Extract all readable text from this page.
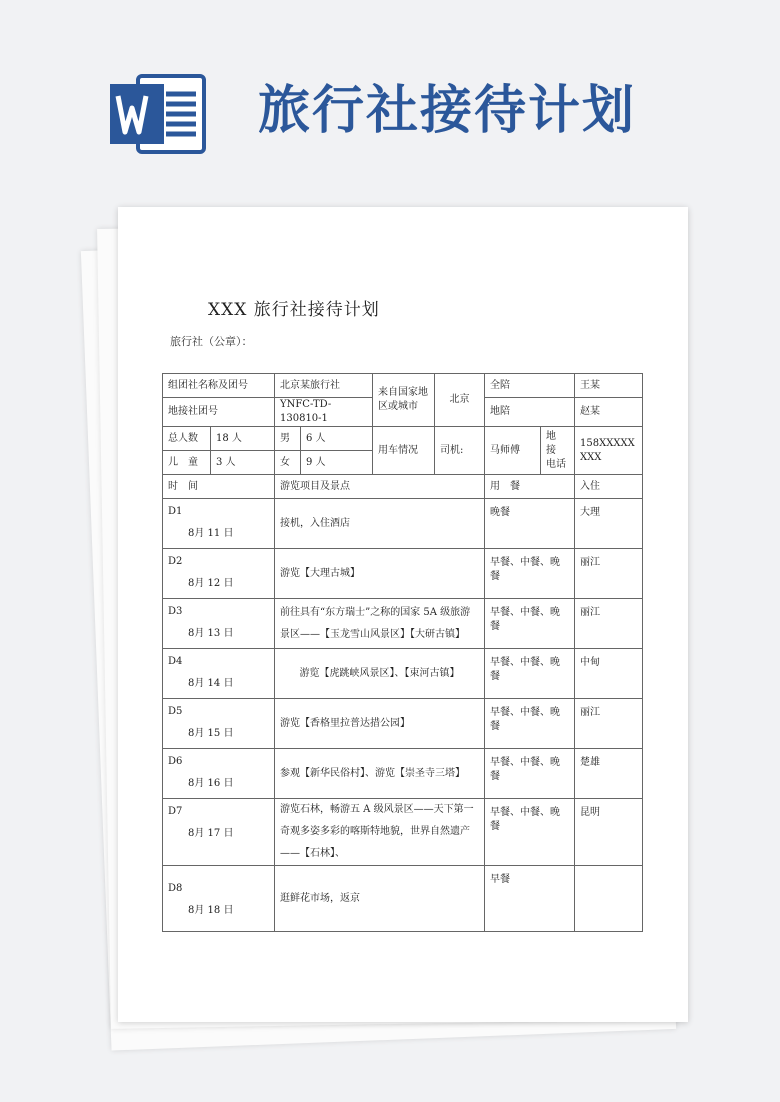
旅行社接待计划
XXX 旅行社接待计划
旅行社（公章）：
组团社名称及团号		北京某旅行社		来自国家地区或城市	北京	全陪		王某
地接社团号		YNFC-TD-130810-1				地陪		赵某
总人数	18 人	男	6 人	用车情况	司机:	马师傅	地 接 电话	158XXXXXXXX
儿　童	3 人	女	9 人					
时　间		游览项目及景点				用　餐		入住

D1
8月 11 日		接机，入住酒店				晚餐		大理

D2
8月 12 日		游览【大理古城】				早餐、中餐、晚餐		丽江

D3
8月 13 日		前往具有“东方瑞士”之称的国家 5A 级旅游景区——【玉龙雪山风景区】【大研古镇】				早餐、中餐、晚餐		丽江

D4
8月 14 日		游览【虎跳峡风景区】、【束河古镇】				早餐、中餐、晚餐		中甸

D5
8月 15 日		游览【香格里拉普达措公园】				早餐、中餐、晚餐		丽江

D6
8月 16 日		参观【新华民俗村】、游览【崇圣寺三塔】				早餐、中餐、晚餐		楚雄

D7
8月 17 日		游览石林，畅游五 A 级风景区——天下第一奇观多姿多彩的喀斯特地貌，世界自然遗产——【石林】、				早餐、中餐、晚餐		昆明

D8
8月 18 日		逛鲜花市场，返京				早餐		
